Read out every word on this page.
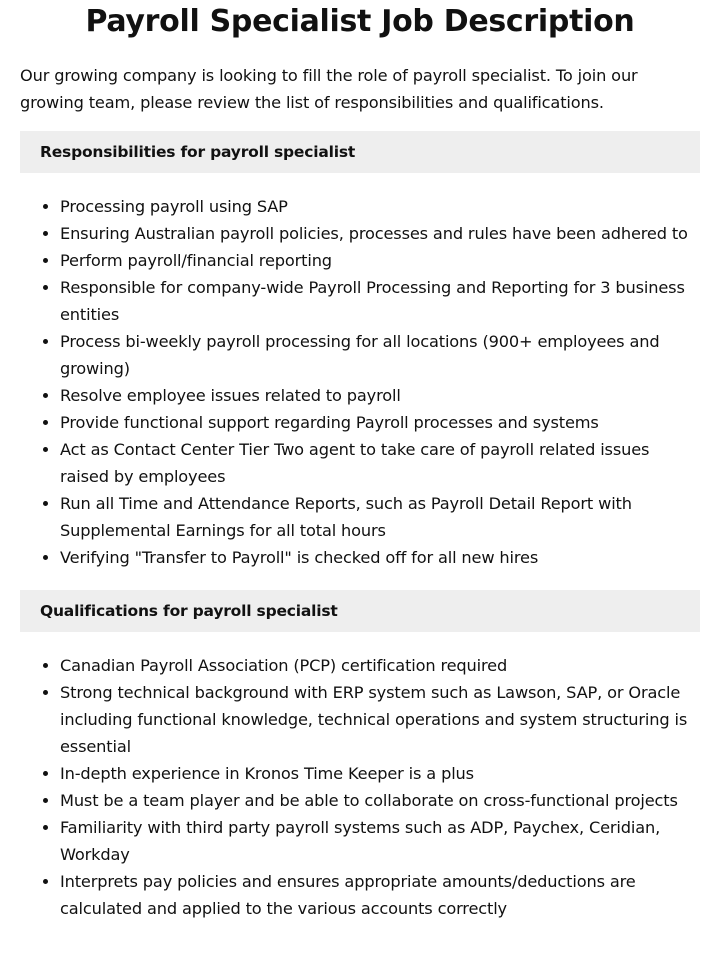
Payroll Specialist Job Description

Our growing company is looking to fill the role of payroll specialist. To join our growing team, please review the list of responsibilities and qualifications.

Responsibilities for payroll specialist
• Processing payroll using SAP
• Ensuring Australian payroll policies, processes and rules have been adhered to
• Perform payroll/financial reporting
• Responsible for company-wide Payroll Processing and Reporting for 3 business entities
• Process bi-weekly payroll processing for all locations (900+ employees and growing)
• Resolve employee issues related to payroll
• Provide functional support regarding Payroll processes and systems
• Act as Contact Center Tier Two agent to take care of payroll related issues raised by employees
• Run all Time and Attendance Reports, such as Payroll Detail Report with Supplemental Earnings for all total hours
• Verifying "Transfer to Payroll" is checked off for all new hires
Qualifications for payroll specialist
• Canadian Payroll Association (PCP) certification required
• Strong technical background with ERP system such as Lawson, SAP, or Oracle including functional knowledge, technical operations and system structuring is essential
• In-depth experience in Kronos Time Keeper is a plus
• Must be a team player and be able to collaborate on cross-functional projects
• Familiarity with third party payroll systems such as ADP, Paychex, Ceridian, Workday
• Interprets pay policies and ensures appropriate amounts/deductions are calculated and applied to the various accounts correctly
